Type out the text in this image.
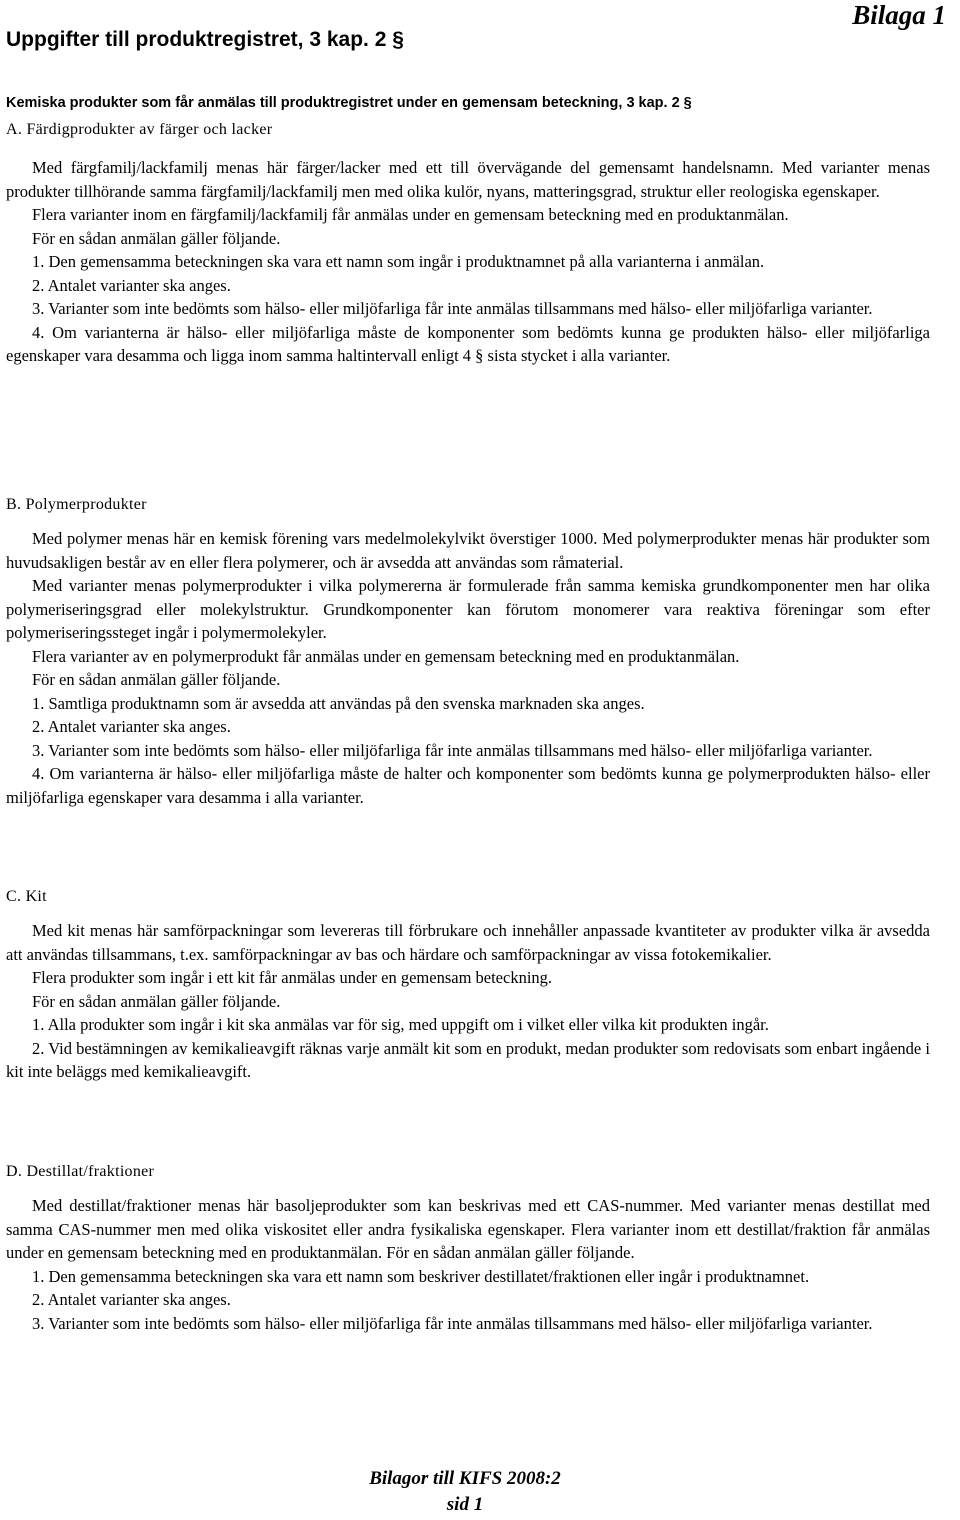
Uppgifter till produktregistret, 3 kap. 2 §
Bilaga 1
Kemiska produkter som får anmälas till produktregistret under en gemensam beteckning, 3 kap. 2 §
A. Färdigprodukter av färger och lacker

Med färgfamilj/lackfamilj menas här färger/lacker med ett till övervägande del gemensamt handelsnamn. Med varianter menas produkter tillhörande samma färgfamilj/lackfamilj men med olika kulör, nyans, matteringsgrad, struktur eller reologiska egenskaper.

Flera varianter inom en färgfamilj/lackfamilj får anmälas under en gemensam beteckning med en produktanmälan.

För en sådan anmälan gäller följande.

1. Den gemensamma beteckningen ska vara ett namn som ingår i produktnamnet på alla varianterna i anmälan.

2. Antalet varianter ska anges.

3. Varianter som inte bedömts som hälso- eller miljöfarliga får inte anmälas tillsammans med hälso- eller miljöfarliga varianter.

4. Om varianterna är hälso- eller miljöfarliga måste de komponenter som bedömts kunna ge produkten hälso- eller miljöfarliga egenskaper vara desamma och ligga inom samma haltintervall enligt 4 § sista stycket i alla varianter.

B. Polymerprodukter

Med polymer menas här en kemisk förening vars medelmolekylvikt överstiger 1000. Med polymerprodukter menas här produkter som huvudsakligen består av en eller flera polymerer, och är avsedda att användas som råmaterial.

Med varianter menas polymerprodukter i vilka polymererna är formulerade från samma kemiska grundkomponenter men har olika polymeriseringsgrad eller molekylstruktur. Grundkomponenter kan förutom monomerer vara reaktiva föreningar som efter polymeriseringssteget ingår i polymermolekyler.

Flera varianter av en polymerprodukt får anmälas under en gemensam beteckning med en produktanmälan.

För en sådan anmälan gäller följande.

1. Samtliga produktnamn som är avsedda att användas på den svenska marknaden ska anges.

2. Antalet varianter ska anges.

3. Varianter som inte bedömts som hälso- eller miljöfarliga får inte anmälas tillsammans med hälso- eller miljöfarliga varianter.

4. Om varianterna är hälso- eller miljöfarliga måste de halter och komponenter som bedömts kunna ge polymerprodukten hälso- eller miljöfarliga egenskaper vara desamma i alla varianter.

C. Kit

Med kit menas här samförpackningar som levereras till förbrukare och innehåller anpassade kvantiteter av produkter vilka är avsedda att användas tillsammans, t.ex. samförpackningar av bas och härdare och samförpackningar av vissa fotokemikalier.

Flera produkter som ingår i ett kit får anmälas under en gemensam beteckning.

För en sådan anmälan gäller följande.

1. Alla produkter som ingår i kit ska anmälas var för sig, med uppgift om i vilket eller vilka kit produkten ingår.

2. Vid bestämningen av kemikalieavgift räknas varje anmält kit som en produkt, medan produkter som redovisats som enbart ingående i kit inte beläggs med kemikalieavgift.

D. Destillat/fraktioner

Med destillat/fraktioner menas här basoljeprodukter som kan beskrivas med ett CAS-nummer. Med varianter menas destillat med samma CAS-nummer men med olika viskositet eller andra fysikaliska egenskaper. Flera varianter inom ett destillat/fraktion får anmälas under en gemensam beteckning med en produktanmälan. För en sådan anmälan gäller följande.

1. Den gemensamma beteckningen ska vara ett namn som beskriver destillatet/fraktionen eller ingår i produktnamnet.

2. Antalet varianter ska anges.

3. Varianter som inte bedömts som hälso- eller miljöfarliga får inte anmälas tillsammans med hälso- eller miljöfarliga varianter.

Bilagor till KIFS 2008:2
sid 1
